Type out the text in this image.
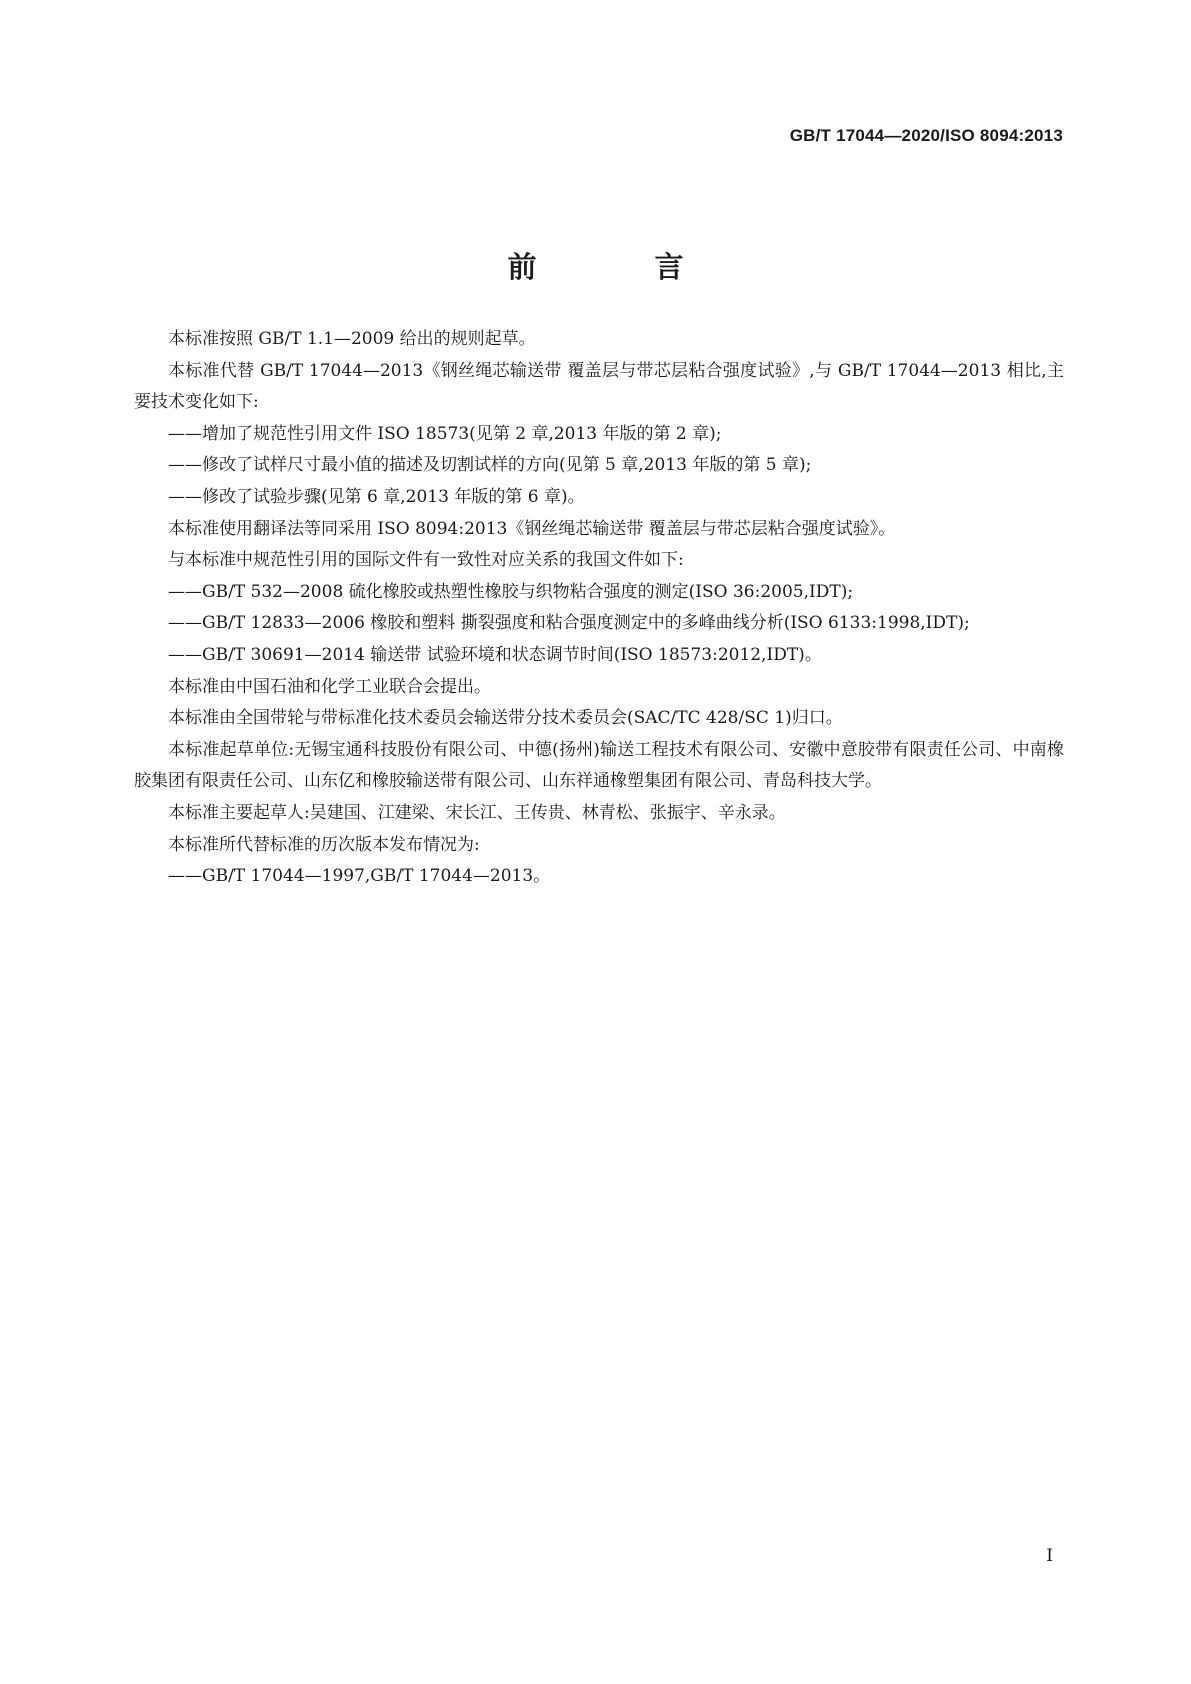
GB/T 17044—2020/ISO 8094:2013
前 言

本标准按照 GB/T 1.1—2009 给出的规则起草。

本标准代替 GB/T 17044—2013《钢丝绳芯输送带 覆盖层与带芯层粘合强度试验》,与 GB/T 17044—2013 相比,主要技术变化如下:

——增加了规范性引用文件 ISO 18573(见第 2 章,2013 年版的第 2 章);

——修改了试样尺寸最小值的描述及切割试样的方向(见第 5 章,2013 年版的第 5 章);

——修改了试验步骤(见第 6 章,2013 年版的第 6 章)。

本标准使用翻译法等同采用 ISO 8094:2013《钢丝绳芯输送带 覆盖层与带芯层粘合强度试验》。

与本标准中规范性引用的国际文件有一致性对应关系的我国文件如下:

——GB/T 532—2008 硫化橡胶或热塑性橡胶与织物粘合强度的测定(ISO 36:2005,IDT);

——GB/T 12833—2006 橡胶和塑料 撕裂强度和粘合强度测定中的多峰曲线分析(ISO 6133:1998,IDT);

——GB/T 30691—2014 输送带 试验环境和状态调节时间(ISO 18573:2012,IDT)。

本标准由中国石油和化学工业联合会提出。

本标准由全国带轮与带标准化技术委员会输送带分技术委员会(SAC/TC 428/SC 1)归口。

本标准起草单位:无锡宝通科技股份有限公司、中德(扬州)输送工程技术有限公司、安徽中意胶带有限责任公司、中南橡胶集团有限责任公司、山东亿和橡胶输送带有限公司、山东祥通橡塑集团有限公司、青岛科技大学。

本标准主要起草人:吴建国、江建梁、宋长江、王传贵、林青松、张振宇、辛永录。

本标准所代替标准的历次版本发布情况为:

——GB/T 17044—1997,GB/T 17044—2013。

I
